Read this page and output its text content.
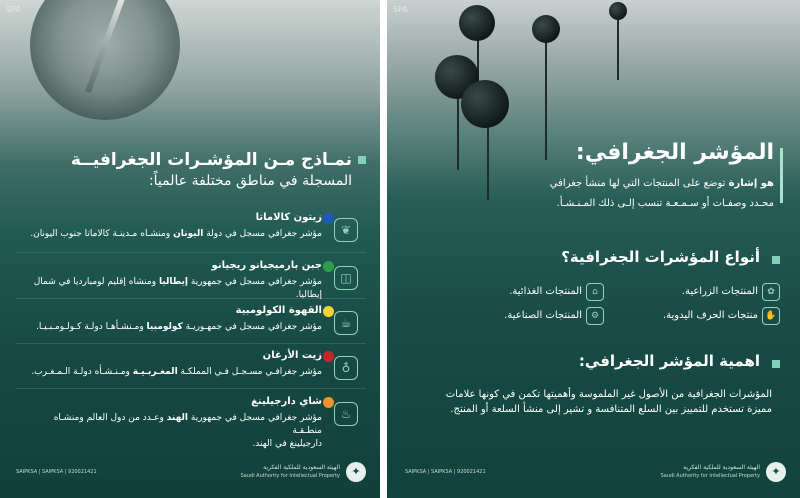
SPA
نمـاذج مـن المؤشـرات الجغرافيــة
المسجلة في مناطق مختلفة عالمياً:
زيتون كالاماتا
❦
مؤشر جغرافي مسجل في دولة اليونان ومنشـاه مـدينـة كالاماتا جنوب اليونان.
جبن بارميجيانو ريجيانو
◫
مؤشر جغرافي مسجل في جمهورية إيطاليا ومنشاه إقليم لومبارديا في شمال إيطاليا.
القهوة الكولومبية
☕
مؤشر جغرافي مسجل في جمهـوريـة كولومبيا ومـنشـأهـا دولـة كـولـومـبـيـا.
زيت الأرغان
♁
مؤشر جغرافـي مسـجـل فـي المملكـة المغـربـيـة ومـنـشـأه دولـة الـمـغـرب.
شاي دارجيلينغ
♨
مؤشر جغرافي مسجل في جمهورية الهند وعـدد من دول العالم ومنشـاه منطـقـة
دارجيلينغ في الهند.
✦
الهيئة السعودية للملكية الفكرية
Saudi Authority for Intellectual Property
SAIPKSA | SAIPKSA | 920021421
SPA
المؤشر الجغرافي:
هو إشارة توضع على المنتجات التي لها منشأ جغرافي
محـدد وصفـات أو سـمـعـة تنسب إلـى ذلك المـنـشـأ.
أنواع المؤشرات الجغرافية؟
✿
المنتجات الزراعية.
⌂
المنتجات الغذائية.
✋
منتجات الحرف اليدوية.
⚙
المنتجات الصناعية.
اهمية المؤشر الجغرافي:
المؤشرات الجغرافية من الأصول غير الملموسة وأهميتها تكمن في كونها علامات
مميزة تستخدم للتمييز بين السلع المتنافسة و تشير إلى منشأ السلعة أو المنتج.
✦
الهيئة السعودية للملكية الفكرية
Saudi Authority for Intellectual Property
SAIPKSA | SAIPKSA | 920021421
